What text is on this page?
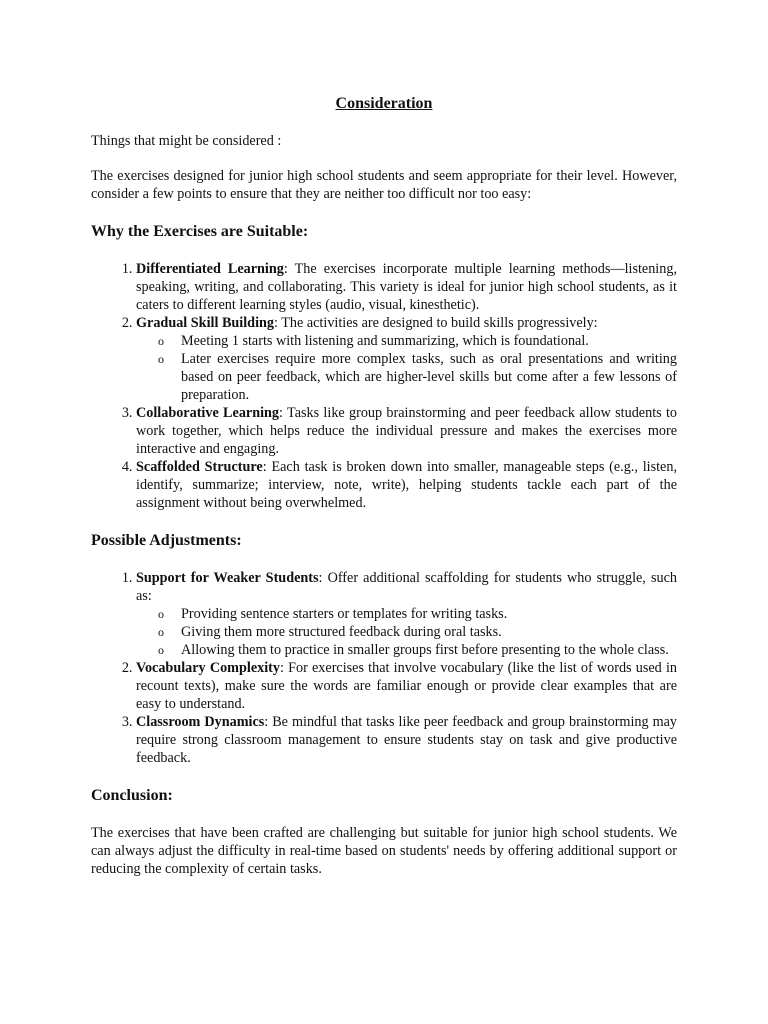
Consideration

Things that might be considered :

The exercises designed for junior high school students and seem appropriate for their level. However, consider a few points to ensure that they are neither too difficult nor too easy:

Why the Exercises are Suitable:
1. Differentiated Learning: The exercises incorporate multiple learning methods—listening, speaking, writing, and collaborating. This variety is ideal for junior high school students, as it caters to different learning styles (audio, visual, kinesthetic).
2. Gradual Skill Building: The activities are designed to build skills progressively:
o Meeting 1 starts with listening and summarizing, which is foundational.
o Later exercises require more complex tasks, such as oral presentations and writing based on peer feedback, which are higher-level skills but come after a few lessons of preparation.
3. Collaborative Learning: Tasks like group brainstorming and peer feedback allow students to work together, which helps reduce the individual pressure and makes the exercises more interactive and engaging.
4. Scaffolded Structure: Each task is broken down into smaller, manageable steps (e.g., listen, identify, summarize; interview, note, write), helping students tackle each part of the assignment without being overwhelmed.
Possible Adjustments:
1. Support for Weaker Students: Offer additional scaffolding for students who struggle, such as:
o Providing sentence starters or templates for writing tasks.
o Giving them more structured feedback during oral tasks.
o Allowing them to practice in smaller groups first before presenting to the whole class.
2. Vocabulary Complexity: For exercises that involve vocabulary (like the list of words used in recount texts), make sure the words are familiar enough or provide clear examples that are easy to understand.
3. Classroom Dynamics: Be mindful that tasks like peer feedback and group brainstorming may require strong classroom management to ensure students stay on task and give productive feedback.
Conclusion:

The exercises that have been crafted are challenging but suitable for junior high school students. We can always adjust the difficulty in real-time based on students' needs by offering additional support or reducing the complexity of certain tasks.
